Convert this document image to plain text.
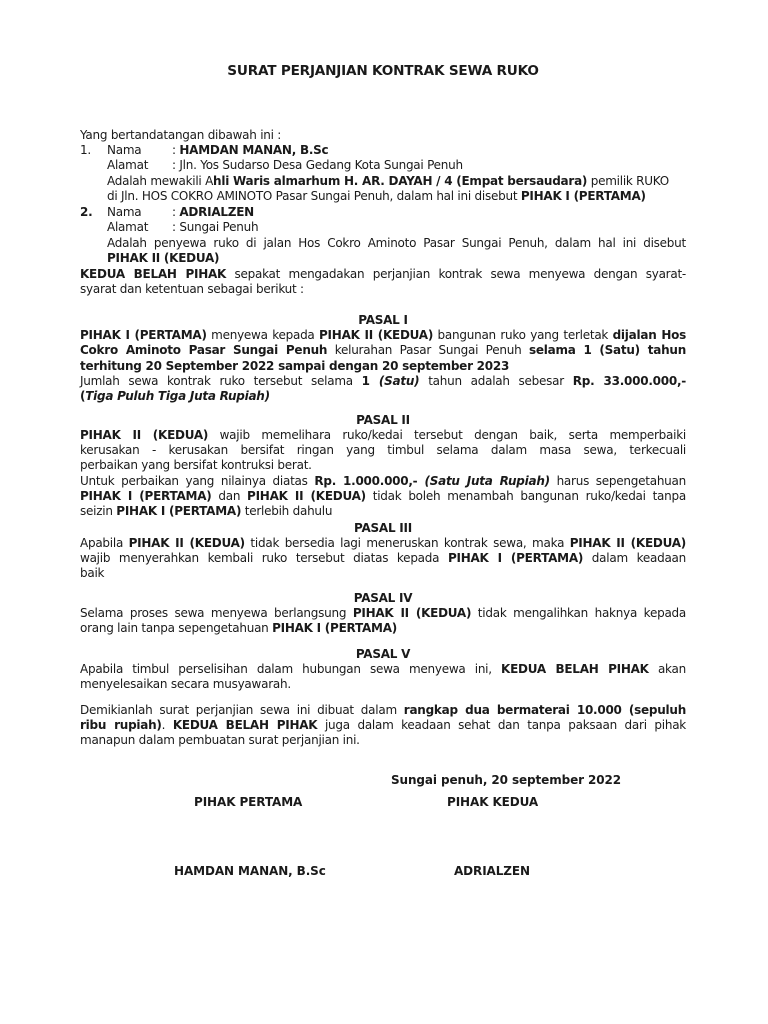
SURAT PERJANJIAN KONTRAK SEWA RUKO
Yang bertandatangan dibawah ini :
1. Nama	: HAMDAN MANAN, B.Sc
Alamat : Jln. Yos Sudarso Desa Gedang Kota Sungai Penuh
Adalah mewakili Ahli Waris almarhum H. AR. DAYAH / 4 (Empat bersaudara) pemilik RUKO
di Jln. HOS COKRO AMINOTO Pasar Sungai Penuh, dalam hal ini disebut PIHAK I (PERTAMA)
2. Nama	: ADRIALZEN
Alamat : Sungai Penuh
Adalah penyewa ruko di jalan Hos Cokro Aminoto Pasar Sungai Penuh, dalam hal ini disebut
PIHAK II (KEDUA)
KEDUA BELAH PIHAK sepakat mengadakan perjanjian kontrak sewa menyewa dengan syarat-
syarat dan ketentuan sebagai berikut :
PASAL I
PIHAK I (PERTAMA) menyewa kepada PIHAK II (KEDUA) bangunan ruko yang terletak dijalan Hos
Cokro Aminoto Pasar Sungai Penuh kelurahan Pasar Sungai Penuh selama 1 (Satu) tahun
terhitung 20 September 2022 sampai dengan 20 september 2023
Jumlah sewa kontrak ruko tersebut selama 1 (Satu) tahun adalah sebesar Rp. 33.000.000,-
(Tiga Puluh Tiga Juta Rupiah)
PASAL II
PIHAK II (KEDUA) wajib memelihara ruko/kedai tersebut dengan baik, serta memperbaiki
kerusakan - kerusakan bersifat ringan yang timbul selama dalam masa sewa, terkecuali
perbaikan yang bersifat kontruksi berat.
Untuk perbaikan yang nilainya diatas Rp. 1.000.000,- (Satu Juta Rupiah) harus sepengetahuan
PIHAK I (PERTAMA) dan PIHAK II (KEDUA) tidak boleh menambah bangunan ruko/kedai tanpa
seizin PIHAK I (PERTAMA) terlebih dahulu
PASAL III
Apabila PIHAK II (KEDUA) tidak bersedia lagi meneruskan kontrak sewa, maka PIHAK II (KEDUA)
wajib menyerahkan kembali ruko tersebut diatas kepada PIHAK I (PERTAMA) dalam keadaan
baik
PASAL IV
Selama proses sewa menyewa berlangsung PIHAK II (KEDUA) tidak mengalihkan haknya kepada
orang lain tanpa sepengetahuan PIHAK I (PERTAMA)
PASAL V
Apabila timbul perselisihan dalam hubungan sewa menyewa ini, KEDUA BELAH PIHAK akan
menyelesaikan secara musyawarah.
Demikianlah surat perjanjian sewa ini dibuat dalam rangkap dua bermaterai 10.000 (sepuluh
ribu rupiah). KEDUA BELAH PIHAK juga dalam keadaan sehat dan tanpa paksaan dari pihak
manapun dalam pembuatan surat perjanjian ini.
Sungai penuh, 20 september 2022
PIHAK PERTAMA	PIHAK KEDUA
HAMDAN MANAN, B.Sc	ADRIALZEN
